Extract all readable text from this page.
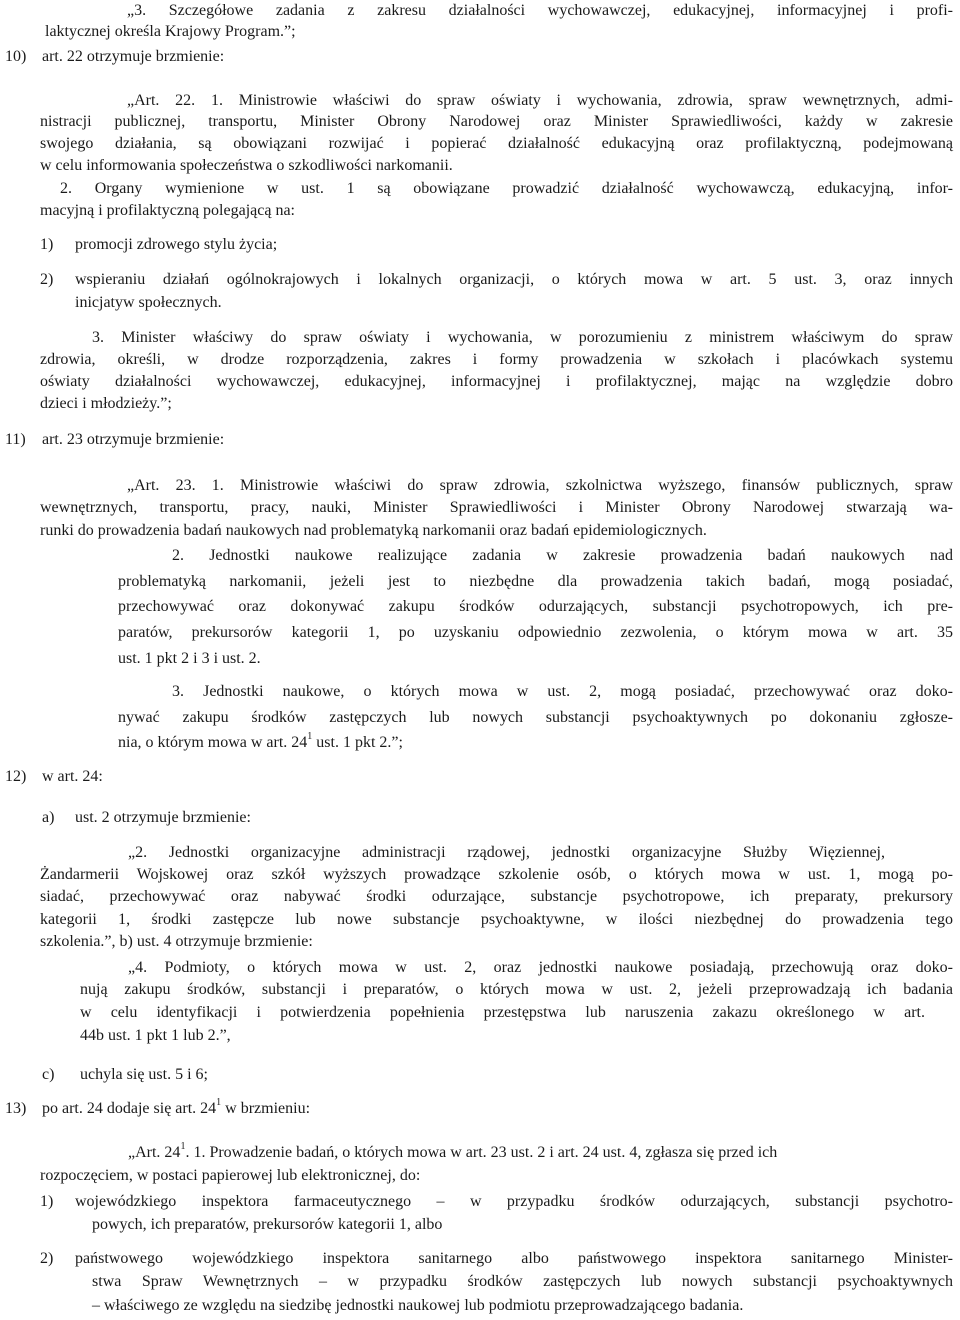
„3. Szczegółowe zadania z zakresu działalności wychowawczej, edukacyjnej, informacyjnej i profi-
laktycznej określa Krajowy Program.”;
10) art. 22 otrzymuje brzmienie:
„Art. 22. 1. Ministrowie właściwi do spraw oświaty i wychowania, zdrowia, spraw wewnętrznych, admi-
nistracji publicznej, transportu, Minister Obrony Narodowej oraz Minister Sprawiedliwości, każdy w zakresie
swojego działania, są obowiązani rozwijać i popierać działalność edukacyjną oraz profilaktyczną, podejmowaną
w celu informowania społeczeństwa o szkodliwości narkomanii.
2. Organy wymienione w ust. 1 są obowiązane prowadzić działalność wychowawczą, edukacyjną, infor-
macyjną i profilaktyczną polegającą na:
1) promocji zdrowego stylu życia;
2) wspieraniu działań ogólnokrajowych i lokalnych organizacji, o których mowa w art. 5 ust. 3, oraz innych
inicjatyw społecznych.
3. Minister właściwy do spraw oświaty i wychowania, w porozumieniu z ministrem właściwym do spraw
zdrowia, określi, w drodze rozporządzenia, zakres i formy prowadzenia w szkołach i placówkach systemu
oświaty działalności wychowawczej, edukacyjnej, informacyjnej i profilaktycznej, mając na względzie dobro
dzieci i młodzieży.”;
11) art. 23 otrzymuje brzmienie:
„Art. 23. 1. Ministrowie właściwi do spraw zdrowia, szkolnictwa wyższego, finansów publicznych, spraw
wewnętrznych, transportu, pracy, nauki, Minister Sprawiedliwości i Minister Obrony Narodowej stwarzają wa-
runki do prowadzenia badań naukowych nad problematyką narkomanii oraz badań epidemiologicznych.
2. Jednostki naukowe realizujące zadania w zakresie prowadzenia badań naukowych nad
problematyką narkomanii, jeżeli jest to niezbędne dla prowadzenia takich badań, mogą posiadać,
przechowywać oraz dokonywać zakupu środków odurzających, substancji psychotropowych, ich pre-
paratów, prekursorów kategorii 1, po uzyskaniu odpowiednio zezwolenia, o którym mowa w art. 35
ust. 1 pkt 2 i 3 i ust. 2.
3. Jednostki naukowe, o których mowa w ust. 2, mogą posiadać, przechowywać oraz doko-
nywać zakupu środków zastępczych lub nowych substancji psychoaktywnych po dokonaniu zgłosze-
nia, o którym mowa w art. $24^1$ ust. 1 pkt 2.”;
12) w art. 24:
a) ust. 2 otrzymuje brzmienie:
„2. Jednostki organizacyjne administracji rządowej, jednostki organizacyjne Służby Więziennej,
Żandarmerii Wojskowej oraz szkół wyższych prowadzące szkolenie osób, o których mowa w ust. 1, mogą po-
siadać, przechowywać oraz nabywać środki odurzające, substancje psychotropowe, ich preparaty, prekursory
kategorii 1, środki zastępcze lub nowe substancje psychoaktywne, w ilości niezbędnej do prowadzenia tego
szkolenia.”, b) ust. 4 otrzymuje brzmienie:
„4. Podmioty, o których mowa w ust. 2, oraz jednostki naukowe posiadają, przechowują oraz doko-
nują zakupu środków, substancji i preparatów, o których mowa w ust. 2, jeżeli przeprowadzają ich badania
w celu identyfikacji i potwierdzenia popełnienia przestępstwa lub naruszenia zakazu określonego w art.
44b ust. 1 pkt 1 lub 2.”,
c) uchyla się ust. 5 i 6;
13) po art. 24 dodaje się art. $24^1$ w brzmieniu:
„Art. $24^1$. 1. Prowadzenie badań, o których mowa w art. 23 ust. 2 i art. 24 ust. 4, zgłasza się przed ich
rozpoczęciem, w postaci papierowej lub elektronicznej, do:
1) wojewódzkiego inspektora farmaceutycznego – w przypadku środków odurzających, substancji psychotro-
powych, ich preparatów, prekursorów kategorii 1, albo
2) państwowego wojewódzkiego inspektora sanitarnego albo państwowego inspektora sanitarnego Minister-
stwa Spraw Wewnętrznych – w przypadku środków zastępczych lub nowych substancji psychoaktywnych
– właściwego ze względu na siedzibę jednostki naukowej lub podmiotu przeprowadzającego badania.
